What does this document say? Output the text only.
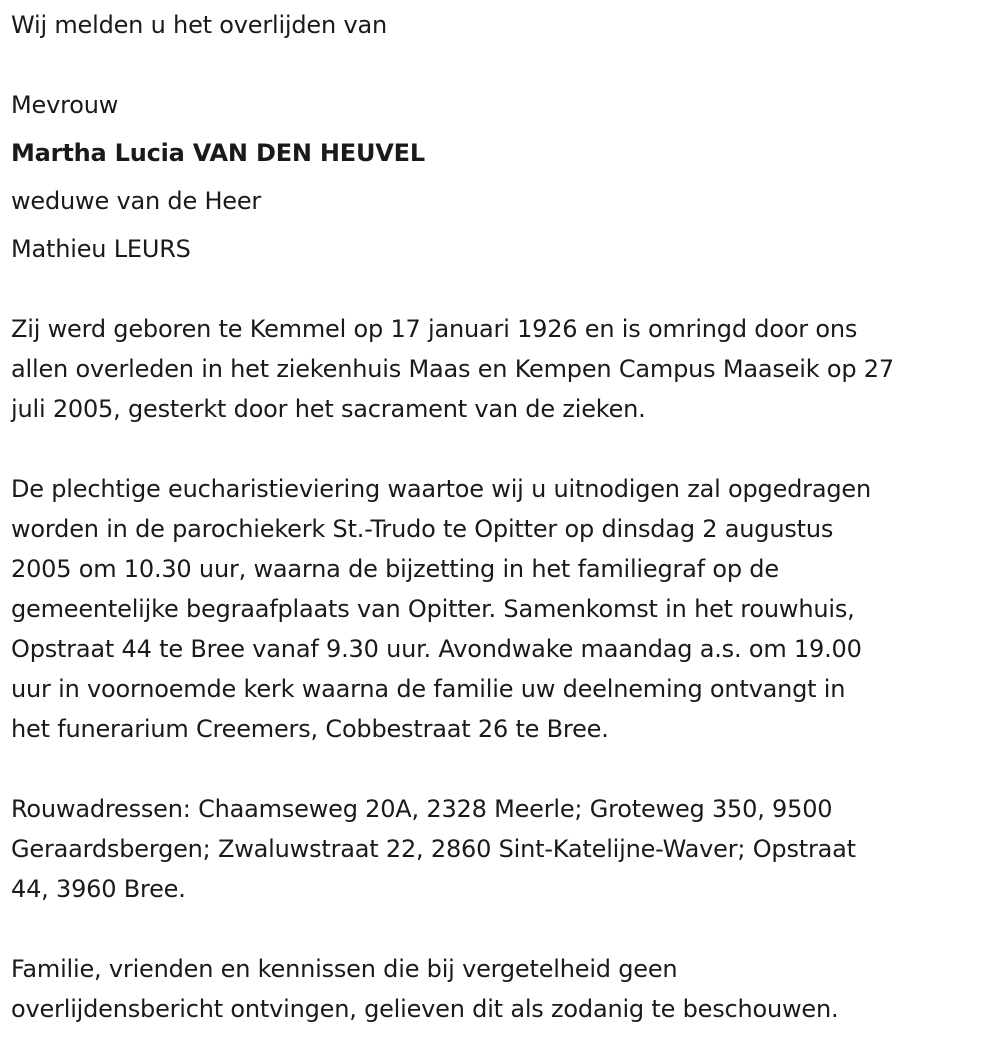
Wij melden u het overlijden van

Mevrouw

Martha Lucia VAN DEN HEUVEL

weduwe van de Heer

Mathieu LEURS

Zij werd geboren te Kemmel op 17 januari 1926 en is omringd door ons
allen overleden in het ziekenhuis Maas en Kempen Campus Maaseik op 27
juli 2005, gesterkt door het sacrament van de zieken.
De plechtige eucharistieviering waartoe wij u uitnodigen zal opgedragen
worden in de parochiekerk St.-Trudo te Opitter op dinsdag 2 augustus
2005 om 10.30 uur, waarna de bijzetting in het familiegraf op de
gemeentelijke begraafplaats van Opitter. Samenkomst in het rouwhuis,
Opstraat 44 te Bree vanaf 9.30 uur. Avondwake maandag a.s. om 19.00
uur in voornoemde kerk waarna de familie uw deelneming ontvangt in
het funerarium Creemers, Cobbestraat 26 te Bree.
Rouwadressen: Chaamseweg 20A, 2328 Meerle; Groteweg 350, 9500
Geraardsbergen; Zwaluwstraat 22, 2860 Sint-Katelijne-Waver; Opstraat
44, 3960 Bree.
Familie, vrienden en kennissen die bij vergetelheid geen
overlijdensbericht ontvingen, gelieven dit als zodanig te beschouwen.
